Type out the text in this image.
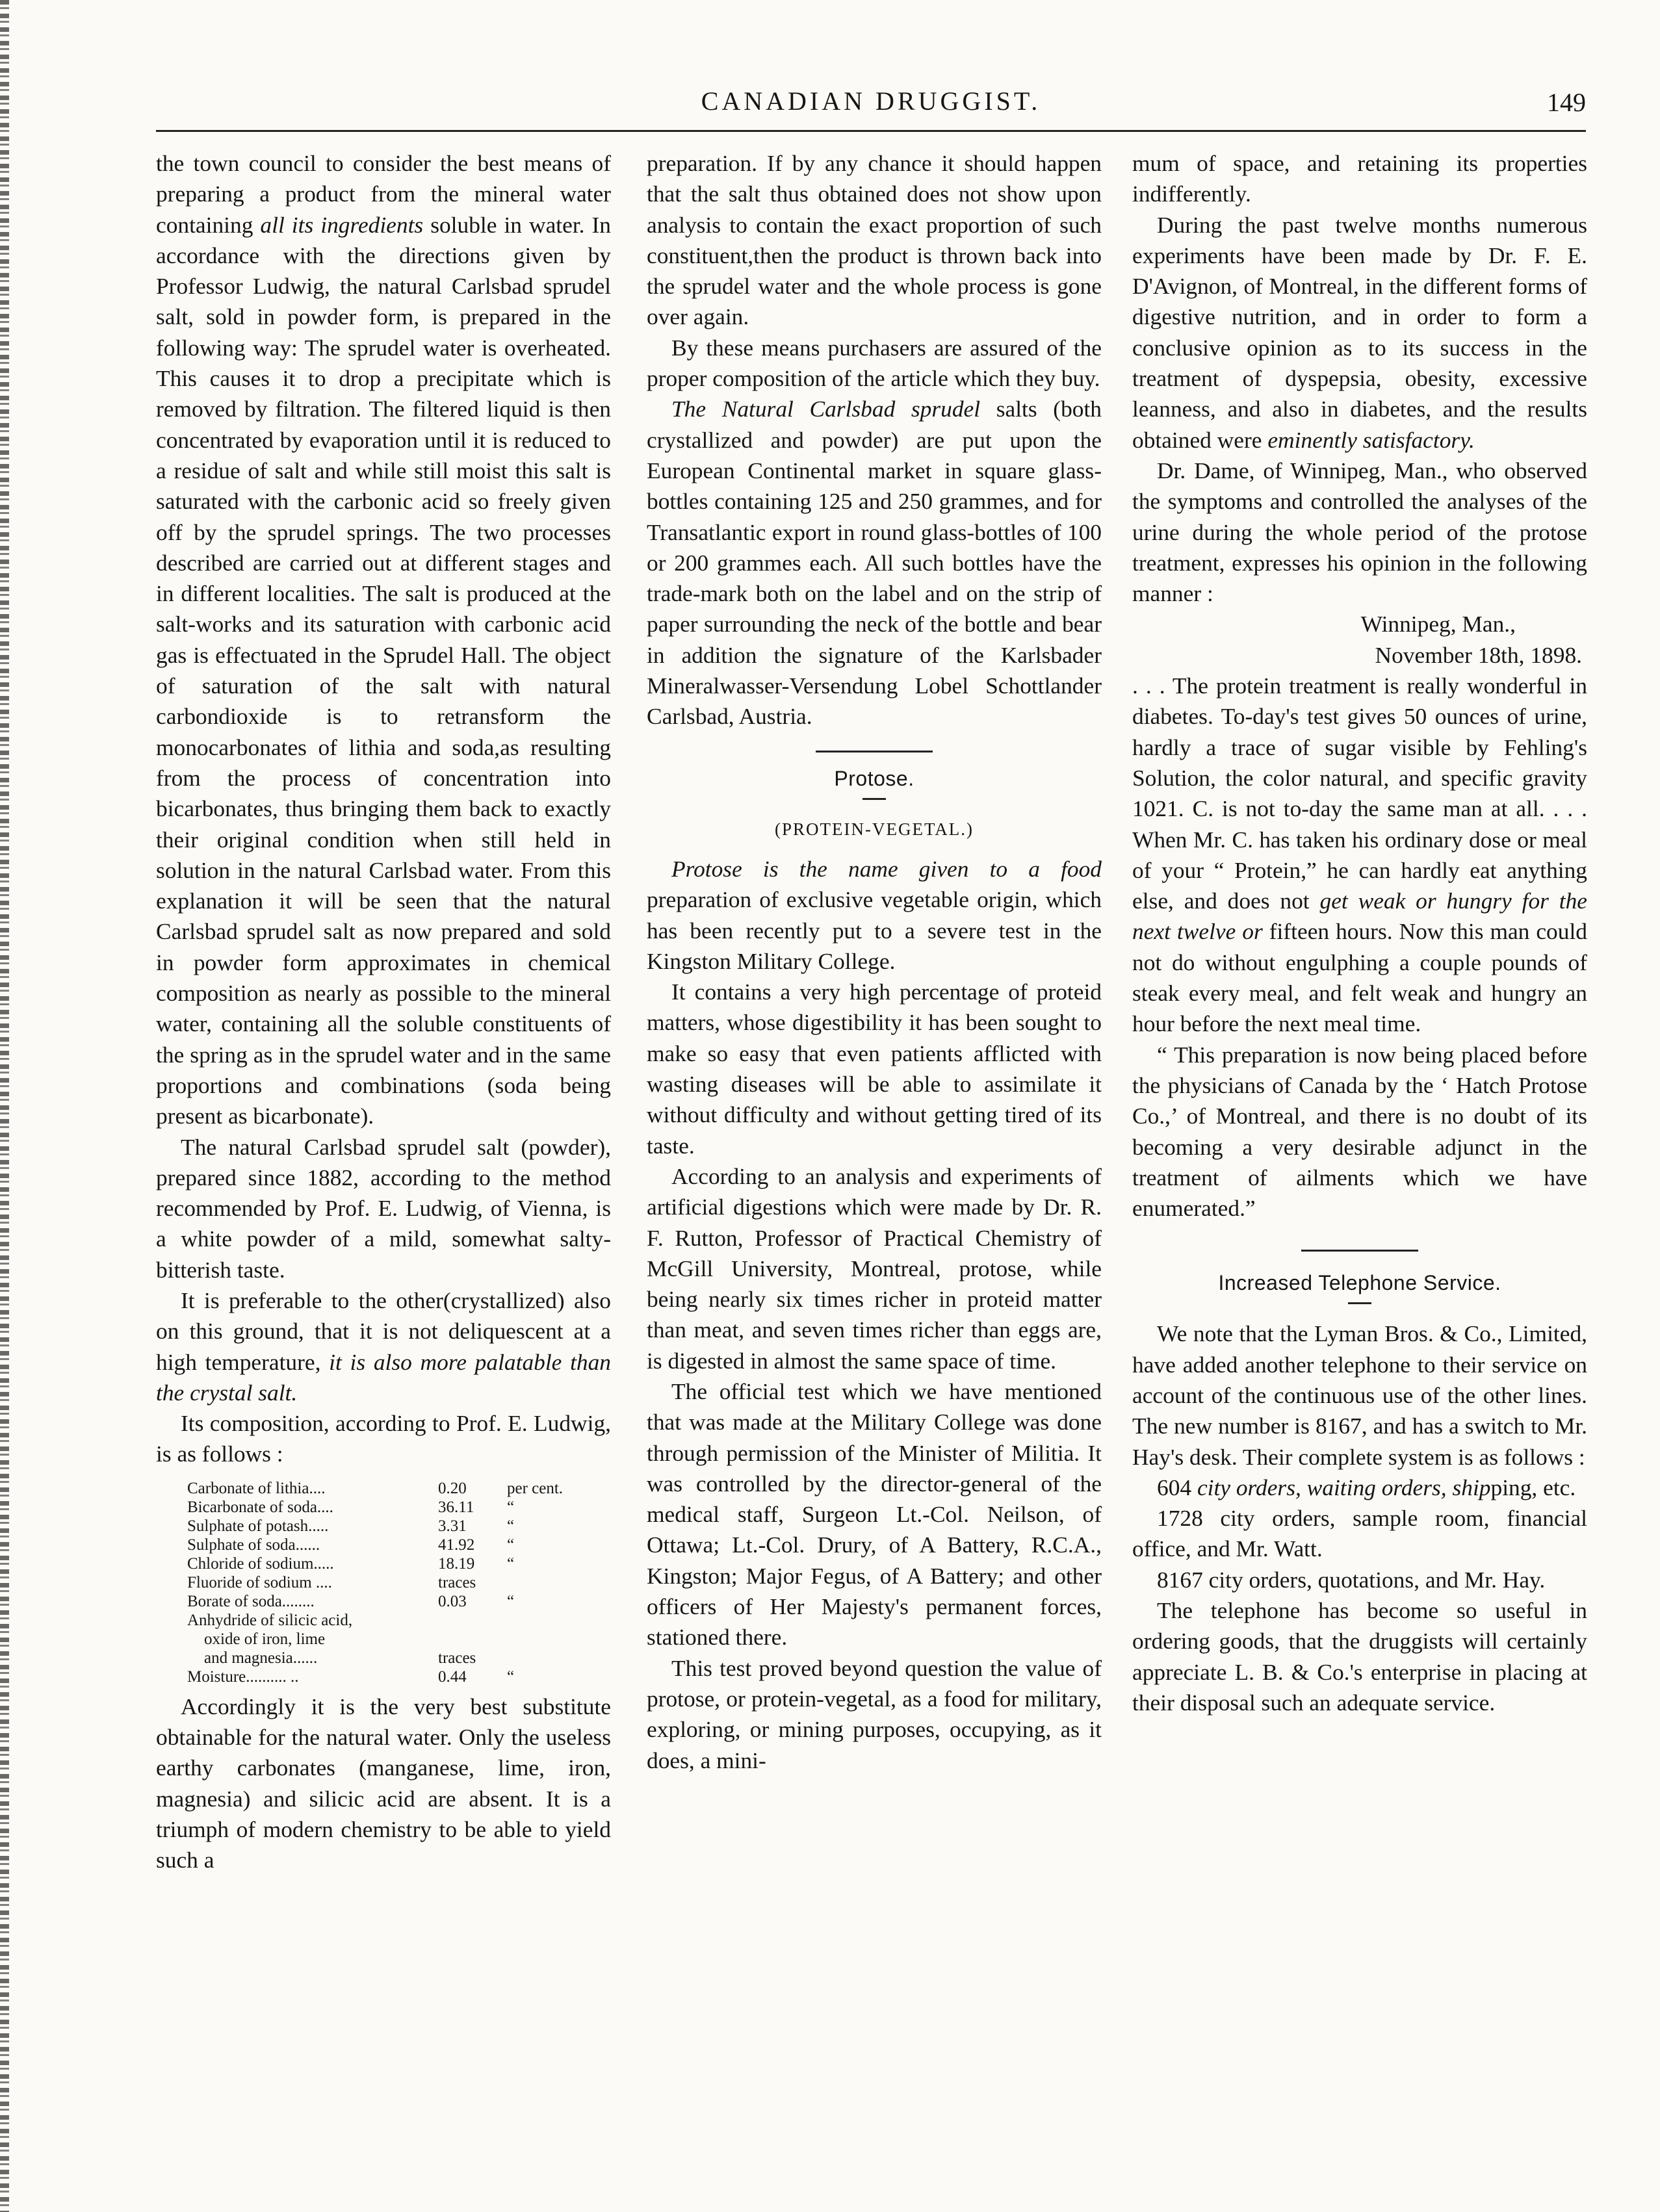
CANADIAN DRUGGIST.	149

the town council to consider the best means of preparing a product from the mineral water containing all its ingredients soluble in water. In accordance with the directions given by Professor Ludwig, the natural Carlsbad sprudel salt, sold in powder form, is prepared in the following way: The sprudel water is overheated. This causes it to drop a precipitate which is removed by filtration. The filtered liquid is then concentrated by evaporation until it is reduced to a residue of salt and while still moist this salt is saturated with the carbonic acid so freely given off by the sprudel springs. The two processes described are carried out at different stages and in different localities. The salt is produced at the salt-works and its saturation with carbonic acid gas is effectuated in the Sprudel Hall. The object of saturation of the salt with natural carbondioxide is to retransform the monocarbonates of lithia and soda,as resulting from the process of concentration into bicarbonates, thus bringing them back to exactly their original condition when still held in solution in the natural Carlsbad water. From this explanation it will be seen that the natural Carlsbad sprudel salt as now prepared and sold in powder form approximates in chemical composition as nearly as possible to the mineral water, containing all the soluble constituents of the spring as in the sprudel water and in the same proportions and combinations (soda being present as bicarbonate).

The natural Carlsbad sprudel salt (powder), prepared since 1882, according to the method recommended by Prof. E. Ludwig, of Vienna, is a white powder of a mild, somewhat salty-bitterish taste.

It is preferable to the other(crystallized) also on this ground, that it is not deliquescent at a high temperature, it is also more palatable than the crystal salt.

Its composition, according to Prof. E. Ludwig, is as follows :

Carbonate of lithia....	0.20	per cent.
Bicarbonate of soda....	36.11	“
Sulphate of potash.....	3.31	“
Sulphate of soda......	41.92	“
Chloride of sodium.....	18.19	“
Fluoride of sodium ....	traces	
Borate of soda........	0.03	“
Anhydride of silicic acid,		
oxide of iron, lime		
and magnesia......	traces	
Moisture.......... ..	0.44	“

Accordingly it is the very best substitute obtainable for the natural water. Only the useless earthy carbonates (manganese, lime, iron, magnesia) and silicic acid are absent. It is a triumph of modern chemistry to be able to yield such a

preparation. If by any chance it should happen that the salt thus obtained does not show upon analysis to contain the exact proportion of such constituent,then the product is thrown back into the sprudel water and the whole process is gone over again.

By these means purchasers are assured of the proper composition of the article which they buy.

The Natural Carlsbad sprudel salts (both crystallized and powder) are put upon the European Continental market in square glass-bottles containing 125 and 250 grammes, and for Transatlantic export in round glass-bottles of 100 or 200 grammes each. All such bottles have the trade-mark both on the label and on the strip of paper surrounding the neck of the bottle and bear in addition the signature of the Karlsbader Mineralwasser-Versendung Lobel Schottlander Carlsbad, Austria.

Protose.
(PROTEIN-VEGETAL.)

Protose is the name given to a food preparation of exclusive vegetable origin, which has been recently put to a severe test in the Kingston Military College.

It contains a very high percentage of proteid matters, whose digestibility it has been sought to make so easy that even patients afflicted with wasting diseases will be able to assimilate it without difficulty and without getting tired of its taste.

According to an analysis and experiments of artificial digestions which were made by Dr. R. F. Rutton, Professor of Practical Chemistry of McGill University, Montreal, protose, while being nearly six times richer in proteid matter than meat, and seven times richer than eggs are, is digested in almost the same space of time.

The official test which we have mentioned that was made at the Military College was done through permission of the Minister of Militia. It was controlled by the director-general of the medical staff, Surgeon Lt.-Col. Neilson, of Ottawa; Lt.-Col. Drury, of A Battery, R.C.A., Kingston; Major Fegus, of A Battery; and other officers of Her Majesty's permanent forces, stationed there.

This test proved beyond question the value of protose, or protein-vegetal, as a food for military, exploring, or mining purposes, occupying, as it does, a mini-

mum of space, and retaining its properties indifferently.

During the past twelve months numerous experiments have been made by Dr. F. E. D'Avignon, of Montreal, in the different forms of digestive nutrition, and in order to form a conclusive opinion as to its success in the treatment of dyspepsia, obesity, excessive leanness, and also in diabetes, and the results obtained were eminently satisfactory.

Dr. Dame, of Winnipeg, Man., who observed the symptoms and controlled the analyses of the urine during the whole period of the protose treatment, expresses his opinion in the following manner :

Winnipeg, Man.,
November 18th, 1898.

. . . The protein treatment is really wonderful in diabetes. To-day's test gives 50 ounces of urine, hardly a trace of sugar visible by Fehling's Solution, the color natural, and specific gravity 1021. C. is not to-day the same man at all. . . . When Mr. C. has taken his ordinary dose or meal of your “ Protein,” he can hardly eat anything else, and does not get weak or hungry for the next twelve or fifteen hours. Now this man could not do without engulphing a couple pounds of steak every meal, and felt weak and hungry an hour before the next meal time.

“ This preparation is now being placed before the physicians of Canada by the ‘ Hatch Protose Co.,’ of Montreal, and there is no doubt of its becoming a very desirable adjunct in the treatment of ailments which we have enumerated.”

Increased Telephone Service.

We note that the Lyman Bros. & Co., Limited, have added another telephone to their service on account of the continuous use of the other lines. The new number is 8167, and has a switch to Mr. Hay's desk. Their complete system is as follows :

604 city orders, waiting orders, shipping, etc.

1728 city orders, sample room, financial office, and Mr. Watt.

8167 city orders, quotations, and Mr. Hay.

The telephone has become so useful in ordering goods, that the druggists will certainly appreciate L. B. & Co.'s enterprise in placing at their disposal such an adequate service.
